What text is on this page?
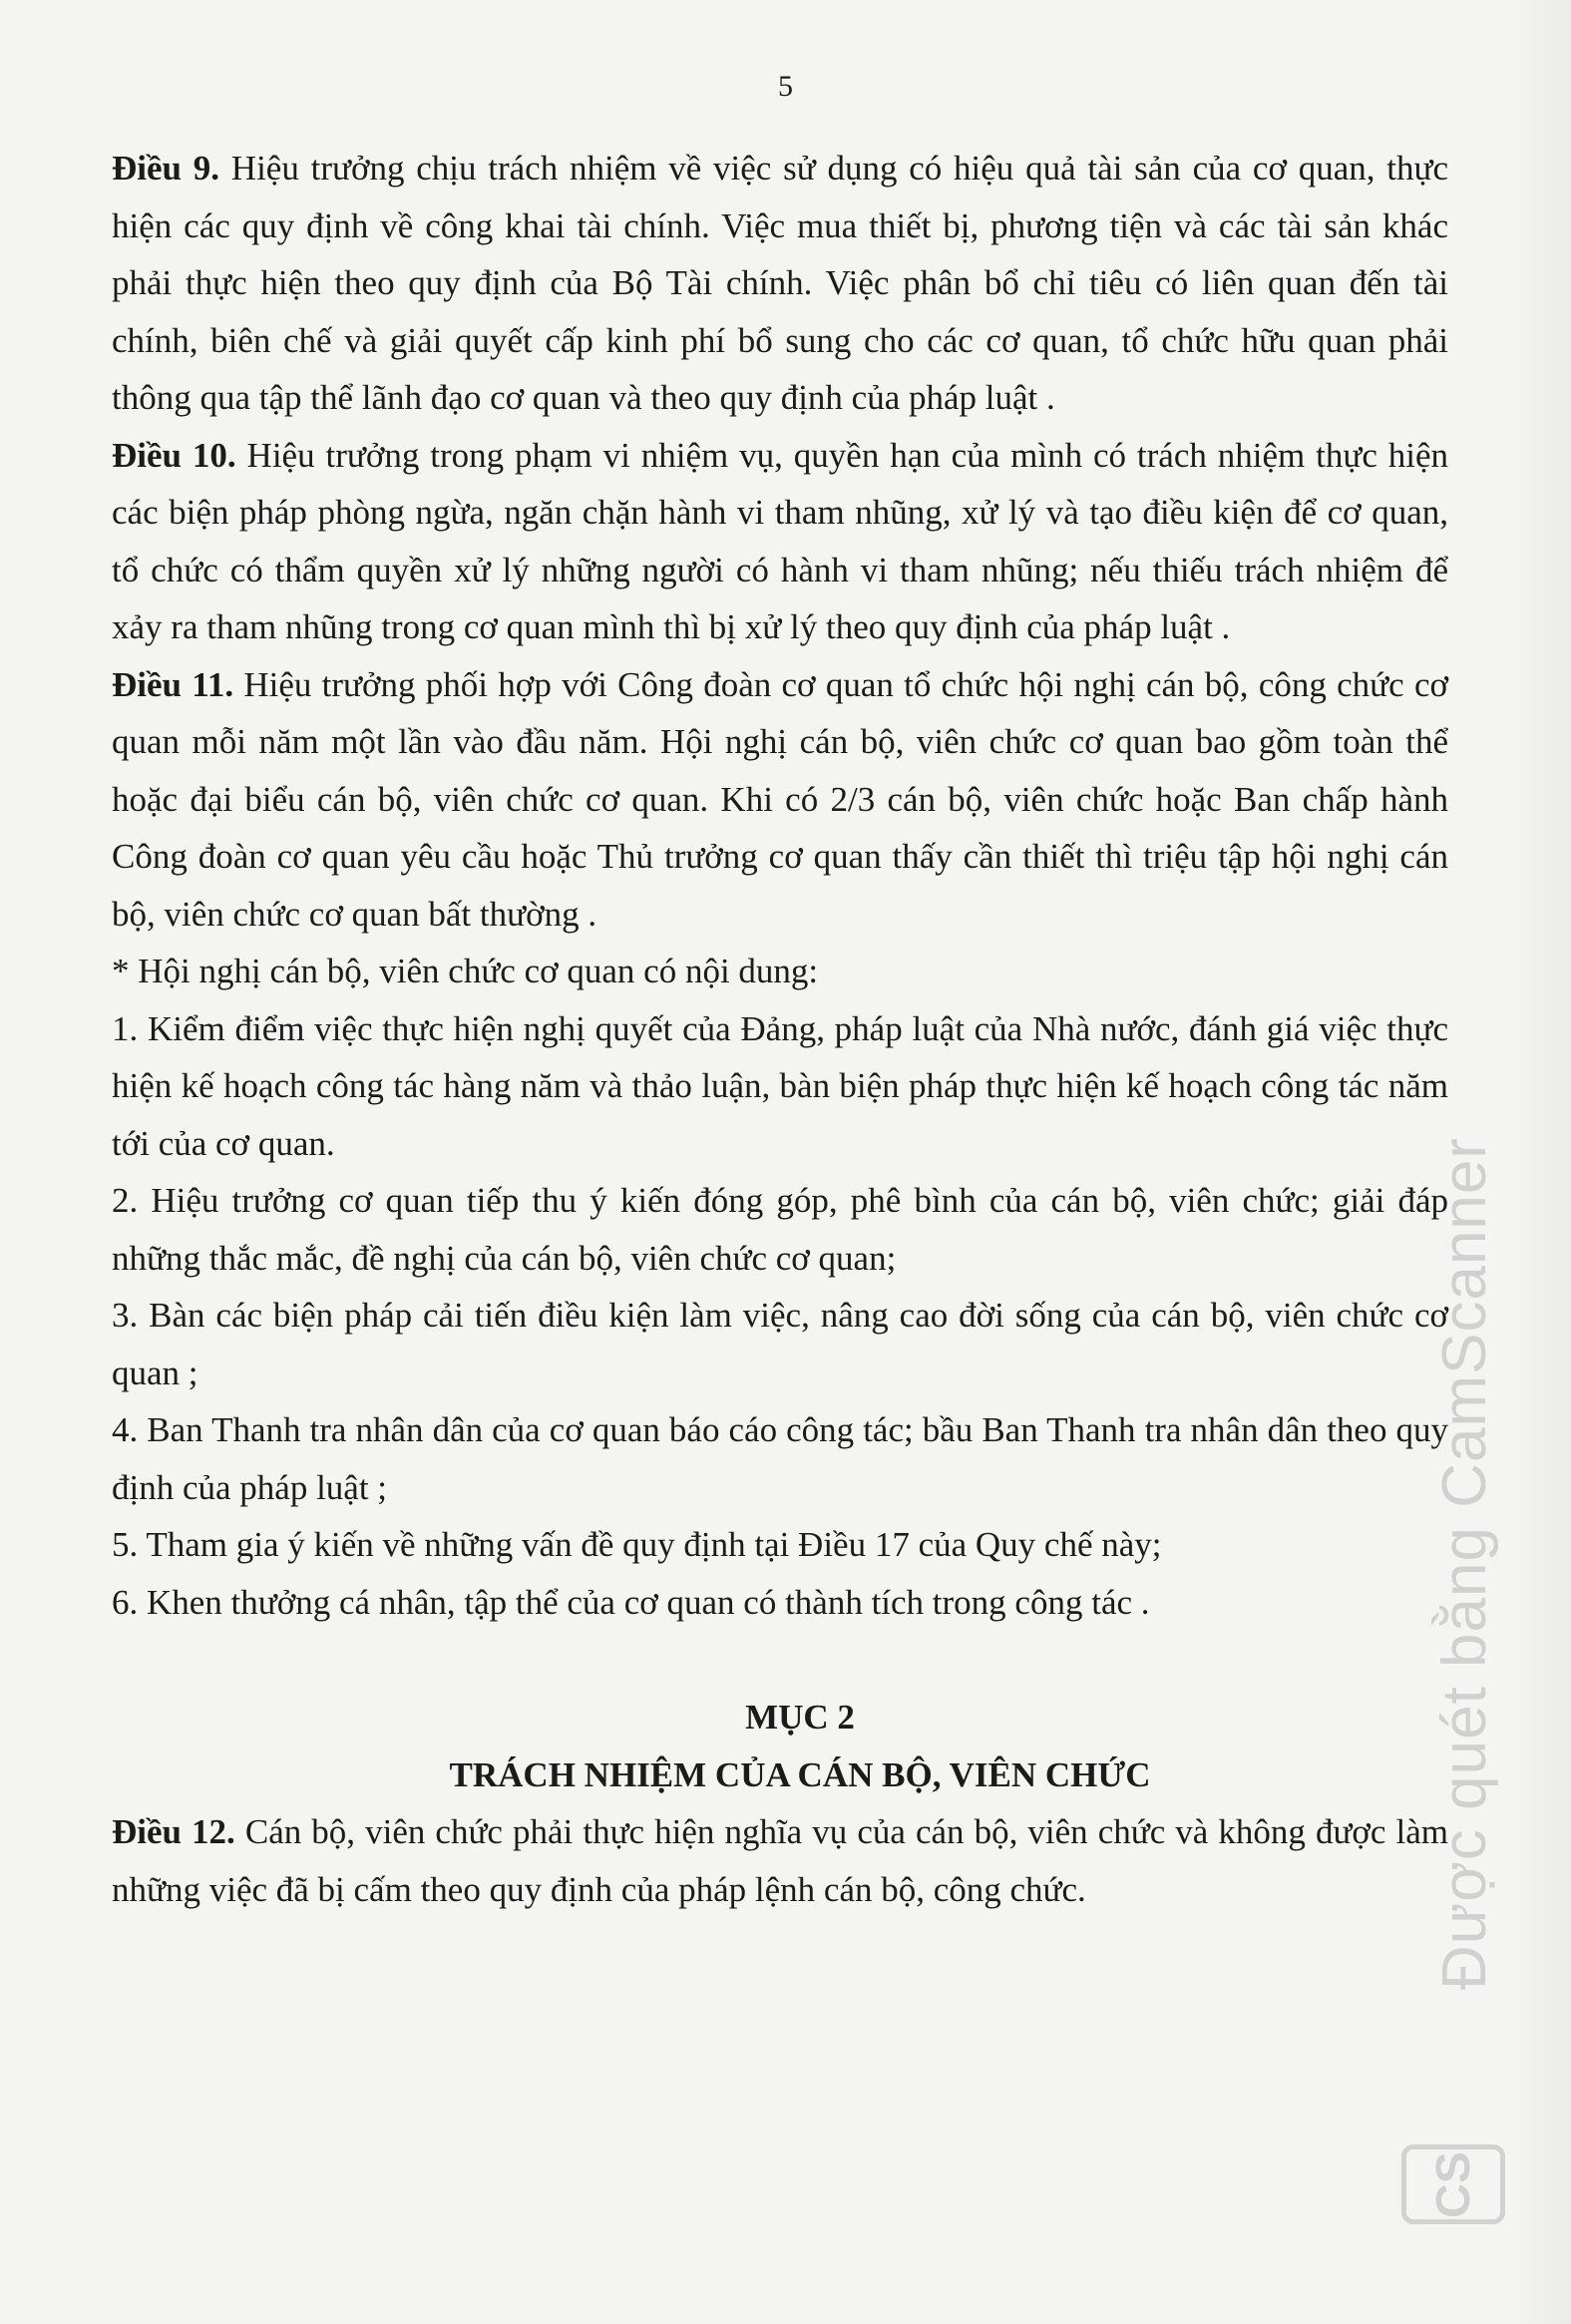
5

Điều 9. Hiệu trưởng chịu trách nhiệm về việc sử dụng có hiệu quả tài sản của cơ quan, thực hiện các quy định về công khai tài chính. Việc mua thiết bị, phương tiện và các tài sản khác phải thực hiện theo quy định của Bộ Tài chính. Việc phân bổ chỉ tiêu có liên quan đến tài chính, biên chế và giải quyết cấp kinh phí bổ sung cho các cơ quan, tổ chức hữu quan phải thông qua tập thể lãnh đạo cơ quan và theo quy định của pháp luật .

Điều 10. Hiệu trưởng trong phạm vi nhiệm vụ, quyền hạn của mình có trách nhiệm thực hiện các biện pháp phòng ngừa, ngăn chặn hành vi tham nhũng, xử lý và tạo điều kiện để cơ quan, tổ chức có thẩm quyền xử lý những người có hành vi tham nhũng; nếu thiếu trách nhiệm để xảy ra tham nhũng trong cơ quan mình thì bị xử lý theo quy định của pháp luật .

Điều 11. Hiệu trưởng phối hợp với Công đoàn cơ quan tổ chức hội nghị cán bộ, công chức cơ quan mỗi năm một lần vào đầu năm. Hội nghị cán bộ, viên chức cơ quan bao gồm toàn thể hoặc đại biểu cán bộ, viên chức cơ quan. Khi có 2/3 cán bộ, viên chức hoặc Ban chấp hành Công đoàn cơ quan yêu cầu hoặc Thủ trưởng cơ quan thấy cần thiết thì triệu tập hội nghị cán bộ, viên chức cơ quan bất thường .

* Hội nghị cán bộ, viên chức cơ quan có nội dung:

1. Kiểm điểm việc thực hiện nghị quyết của Đảng, pháp luật của Nhà nước, đánh giá việc thực hiện kế hoạch công tác hàng năm và thảo luận, bàn biện pháp thực hiện kế hoạch công tác năm tới của cơ quan.

2. Hiệu trưởng cơ quan tiếp thu ý kiến đóng góp, phê bình của cán bộ, viên chức; giải đáp những thắc mắc, đề nghị của cán bộ, viên chức cơ quan;

3. Bàn các biện pháp cải tiến điều kiện làm việc, nâng cao đời sống của cán bộ, viên chức cơ quan ;

4. Ban Thanh tra nhân dân của cơ quan báo cáo công tác; bầu Ban Thanh tra nhân dân theo quy định của pháp luật ;

5. Tham gia ý kiến về những vấn đề quy định tại Điều 17 của Quy chế này;

6. Khen thưởng cá nhân, tập thể của cơ quan có thành tích trong công tác .

MỤC 2

TRÁCH NHIỆM CỦA CÁN BỘ, VIÊN CHỨC

Điều 12. Cán bộ, viên chức phải thực hiện nghĩa vụ của cán bộ, viên chức và không được làm những việc đã bị cấm theo quy định của pháp lệnh cán bộ, công chức.	Được quét bằng CamScanner
CS
